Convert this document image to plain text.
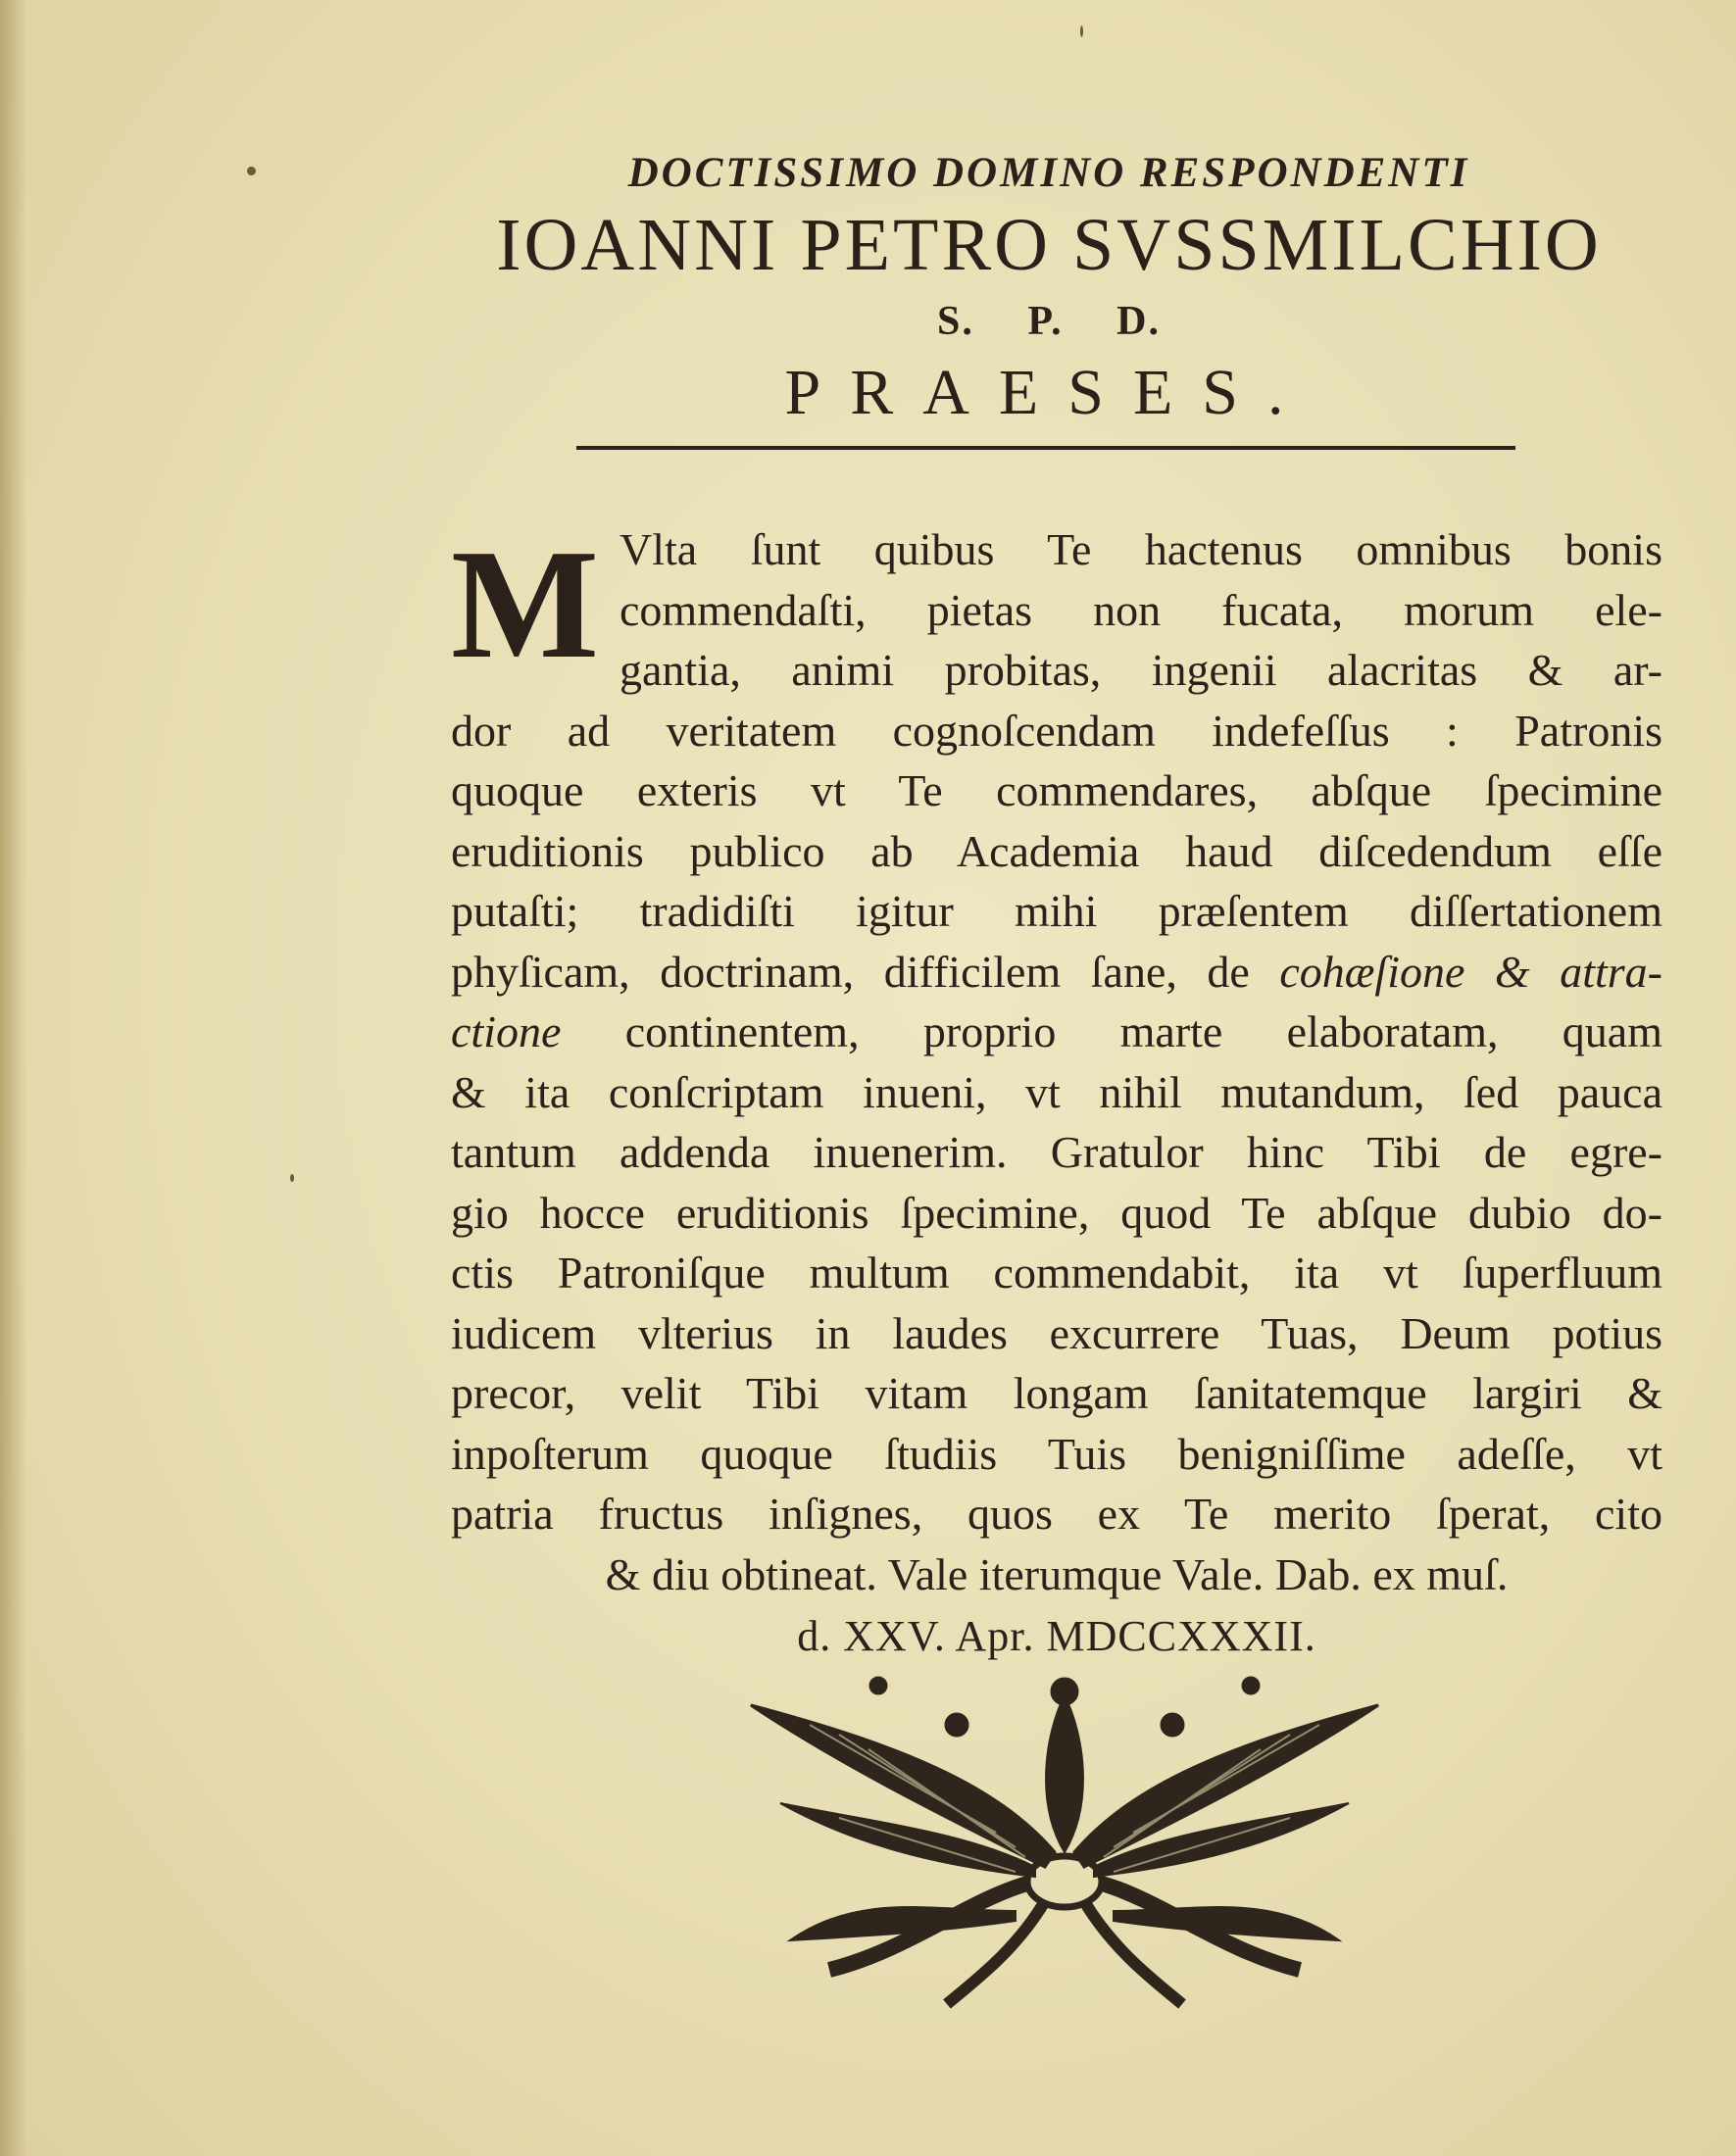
DOCTISSIMO DOMINO RESPONDENTI
IOANNI PETRO SVSSMILCHIO
S. P. D.
PRAESES.
M Vlta ſunt quibus Te hactenus omnibus bonis
commendaſti, pietas non fucata, morum ele-
gantia, animi probitas, ingenii alacritas & ar-
dor ad veritatem cognoſcendam indefeſſus : Patronis
quoque exteris vt Te commendares, abſque ſpecimine
eruditionis publico ab Academia haud diſcedendum eſſe
putaſti; tradidiſti igitur mihi præſentem diſſertationem
phyſicam, doctrinam, difficilem ſane, de cohæſione & attra-
ctione continentem, proprio marte elaboratam, quam
& ita conſcriptam inueni, vt nihil mutandum, ſed pauca
tantum addenda inuenerim. Gratulor hinc Tibi de egre-
gio hocce eruditionis ſpecimine, quod Te abſque dubio do-
ctis Patroniſque multum commendabit, ita vt ſuperfluum
iudicem vlterius in laudes excurrere Tuas, Deum potius
precor, velit Tibi vitam longam ſanitatemque largiri &
inpoſterum quoque ſtudiis Tuis benigniſſime adeſſe, vt
patria fructus inſignes, quos ex Te merito ſperat, cito
& diu obtineat. Vale iterumque Vale. Dab. ex muſ.
d. XXV. Apr. MDCCXXXII.
